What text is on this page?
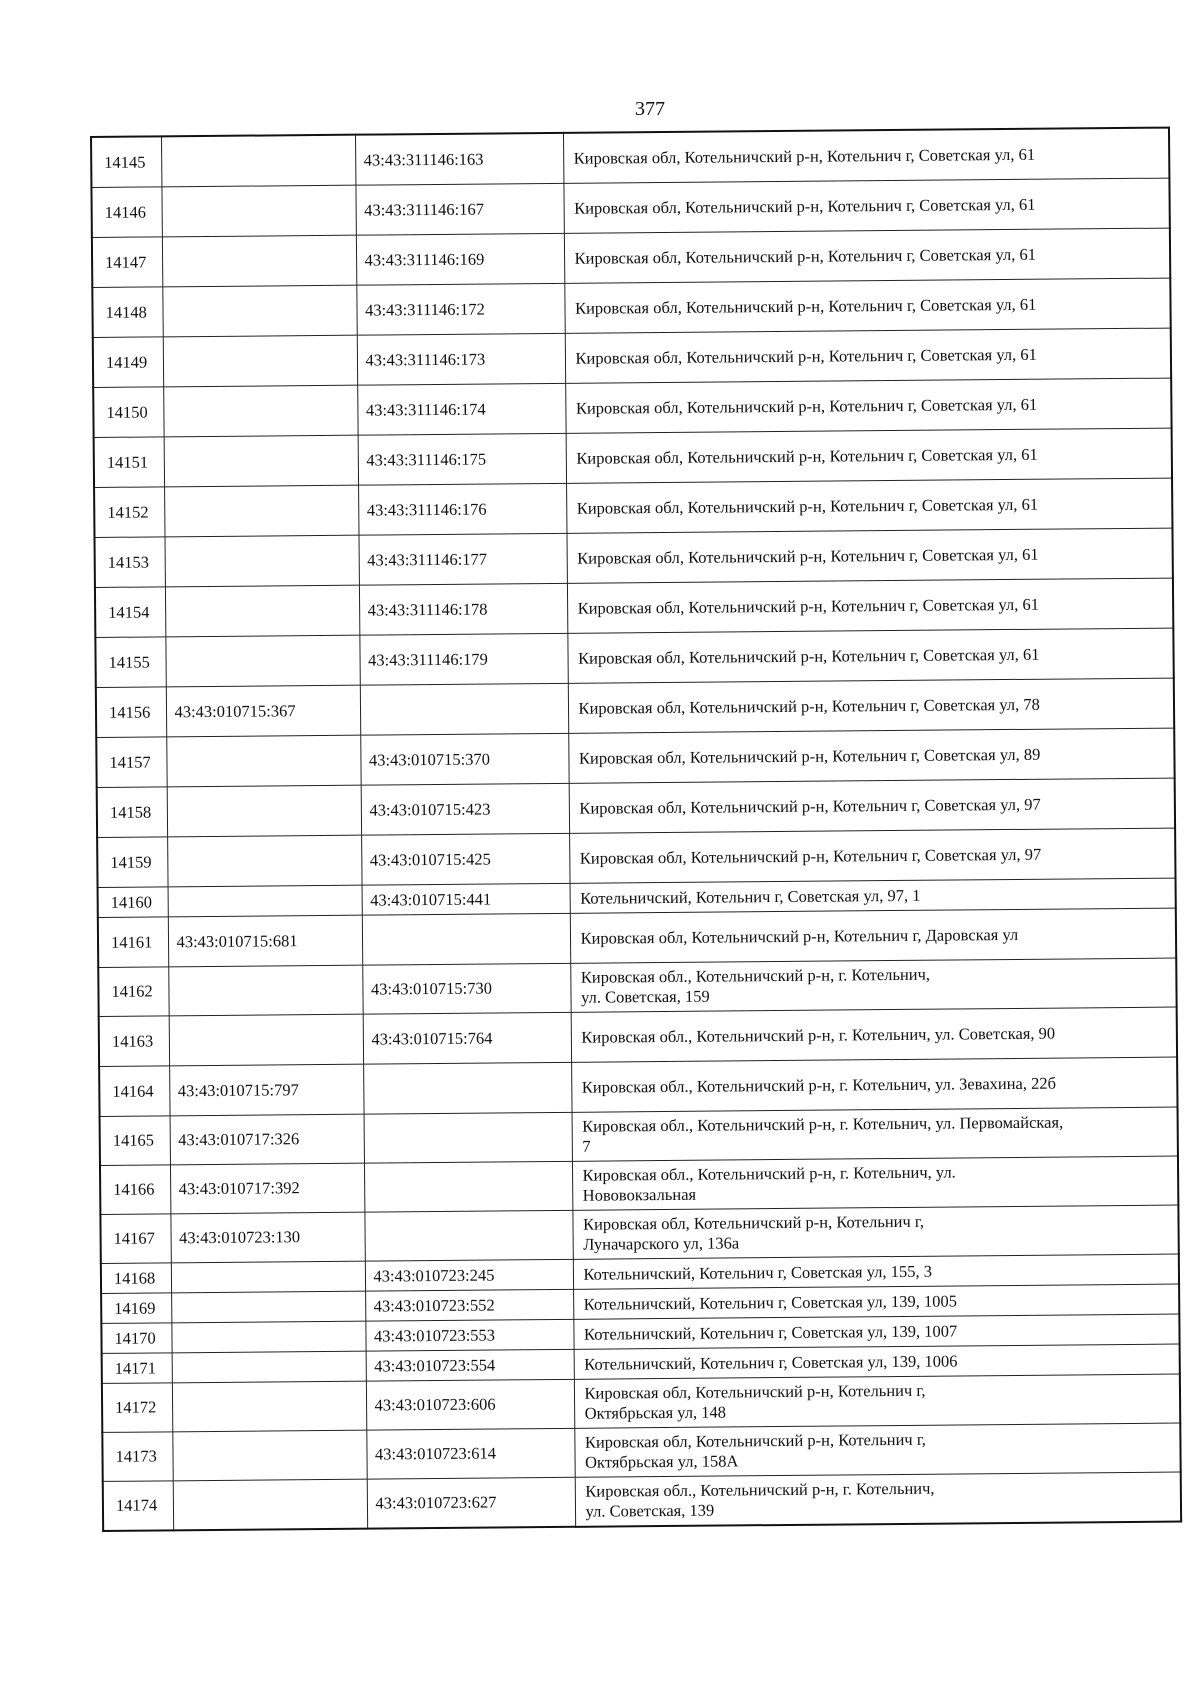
377
14145		43:43:311146:163	Кировская обл, Котельничский р-н, Котельнич г, Советская ул, 61
14146		43:43:311146:167	Кировская обл, Котельничский р-н, Котельнич г, Советская ул, 61
14147		43:43:311146:169	Кировская обл, Котельничский р-н, Котельнич г, Советская ул, 61
14148		43:43:311146:172	Кировская обл, Котельничский р-н, Котельнич г, Советская ул, 61
14149		43:43:311146:173	Кировская обл, Котельничский р-н, Котельнич г, Советская ул, 61
14150		43:43:311146:174	Кировская обл, Котельничский р-н, Котельнич г, Советская ул, 61
14151		43:43:311146:175	Кировская обл, Котельничский р-н, Котельнич г, Советская ул, 61
14152		43:43:311146:176	Кировская обл, Котельничский р-н, Котельнич г, Советская ул, 61
14153		43:43:311146:177	Кировская обл, Котельничский р-н, Котельнич г, Советская ул, 61
14154		43:43:311146:178	Кировская обл, Котельничский р-н, Котельнич г, Советская ул, 61
14155		43:43:311146:179	Кировская обл, Котельничский р-н, Котельнич г, Советская ул, 61
14156	43:43:010715:367		Кировская обл, Котельничский р-н, Котельнич г, Советская ул, 78
14157		43:43:010715:370	Кировская обл, Котельничский р-н, Котельнич г, Советская ул, 89
14158		43:43:010715:423	Кировская обл, Котельничский р-н, Котельнич г, Советская ул, 97
14159		43:43:010715:425	Кировская обл, Котельничский р-н, Котельнич г, Советская ул, 97
14160		43:43:010715:441	Котельничский, Котельнич г, Советская ул, 97, 1
14161	43:43:010715:681		Кировская обл, Котельничский р-н, Котельнич г, Даровская ул
14162		43:43:010715:730	Кировская обл., Котельничский р-н, г. Котельнич,
ул. Советская, 159
14163		43:43:010715:764	Кировская обл., Котельничский р-н, г. Котельнич, ул. Советская, 90
14164	43:43:010715:797		Кировская обл., Котельничский р-н, г. Котельнич, ул. Зевахина, 22б
14165	43:43:010717:326		Кировская обл., Котельничский р-н, г. Котельнич, ул. Первомайская,
7
14166	43:43:010717:392		Кировская обл., Котельничский р-н, г. Котельнич, ул.
Нововокзальная
14167	43:43:010723:130		Кировская обл, Котельничский р-н, Котельнич г,
Луначарского ул, 136а
14168		43:43:010723:245	Котельничский, Котельнич г, Советская ул, 155, 3
14169		43:43:010723:552	Котельничский, Котельнич г, Советская ул, 139, 1005
14170		43:43:010723:553	Котельничский, Котельнич г, Советская ул, 139, 1007
14171		43:43:010723:554	Котельничский, Котельнич г, Советская ул, 139, 1006
14172		43:43:010723:606	Кировская обл, Котельничский р-н, Котельнич г,
Октябрьская ул, 148
14173		43:43:010723:614	Кировская обл, Котельничский р-н, Котельнич г,
Октябрьская ул, 158А
14174		43:43:010723:627	Кировская обл., Котельничский р-н, г. Котельнич,
ул. Советская, 139
